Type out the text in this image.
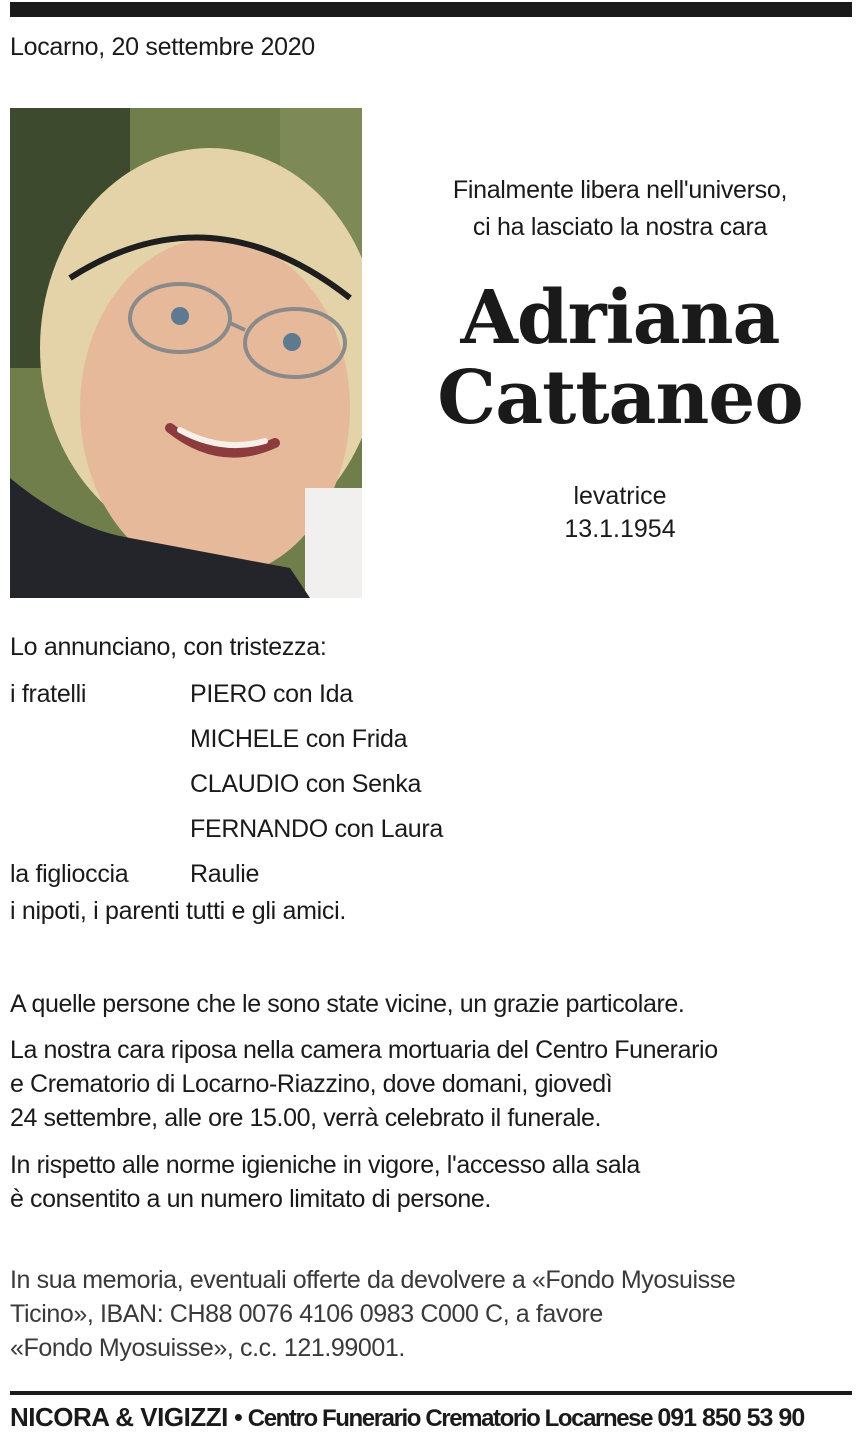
Locarno, 20 settembre 2020
Finalmente libera nell'universo,
ci ha lasciato la nostra cara
Adriana
Cattaneo
levatrice
13.1.1954
Lo annunciano, con tristezza:
i fratelli	PIERO con Ida
MICHELE con Frida
CLAUDIO con Senka
FERNANDO con Laura
la figlioccia Raulie
i nipoti, i parenti tutti e gli amici.
A quelle persone che le sono state vicine, un grazie particolare.
La nostra cara riposa nella camera mortuaria del Centro Funerario
e Crematorio di Locarno-Riazzino, dove domani, giovedì
24 settembre, alle ore 15.00, verrà celebrato il funerale.
In rispetto alle norme igieniche in vigore, l'accesso alla sala
è consentito a un numero limitato di persone.
In sua memoria, eventuali offerte da devolvere a «Fondo Myosuisse
Ticino», IBAN: CH88 0076 4106 0983 C000 C, a favore
«Fondo Myosuisse», c.c. 121.99001.
NICORA & VIGIZZI • Centro Funerario Crematorio Locarnese 091 850 53 90
